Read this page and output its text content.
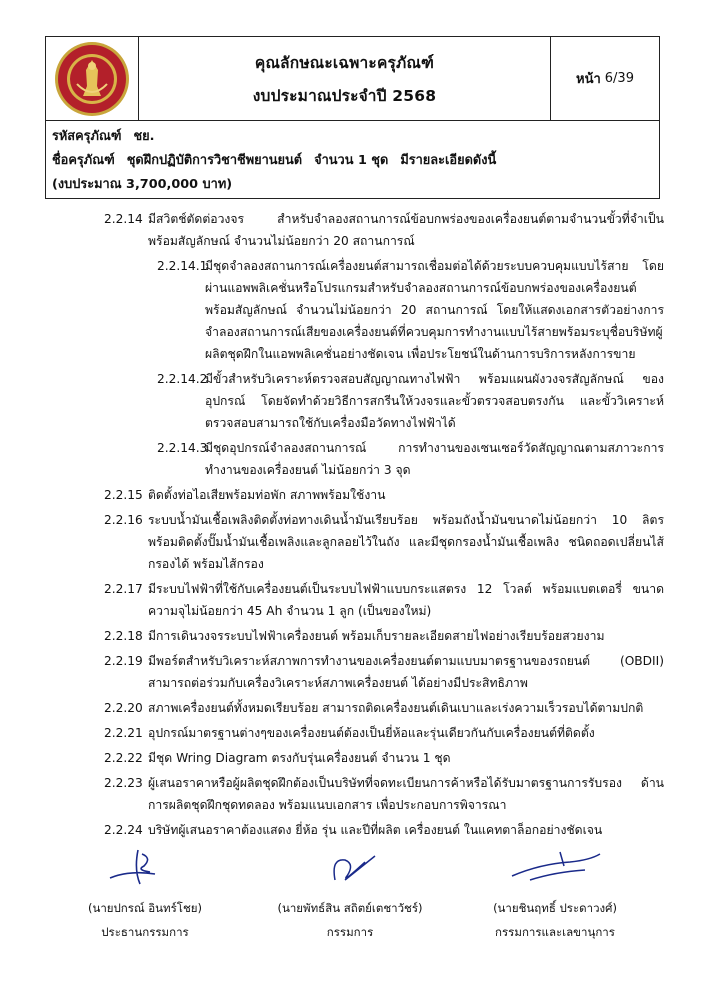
คุณลักษณะเฉพาะครุภัณฑ์
งบประมาณประจำปี 2568
หน้า 6/39
รหัสครุภัณฑ์ ชย.
ชื่อครุภัณฑ์ ชุดฝึกปฏิบัติการวิชาชีพยานยนต์ จำนวน 1 ชุด มีรายละเอียดดังนี้
(งบประมาณ 3,700,000 บาท)
2.2.14 มีสวิตช์ตัดต่อวงจร สำหรับจำลองสถานการณ์ข้อบกพร่องของเครื่องยนต์ตามจำนวนขั้วที่จำเป็น พร้อมสัญลักษณ์ จำนวนไม่น้อยกว่า 20 สถานการณ์
2.2.14.1
มีชุดจำลองสถานการณ์เครื่องยนต์สามารถเชื่อมต่อได้ด้วยระบบควบคุมแบบไร้สาย โดยผ่านแอพพลิเคชั่นหรือโปรแกรมสำหรับจำลองสถานการณ์ข้อบกพร่องของเครื่องยนต์ พร้อมสัญลักษณ์ จำนวนไม่น้อยกว่า 20 สถานการณ์ โดยให้แสดงเอกสารตัวอย่างการจำลองสถานการณ์เสียของเครื่องยนต์ที่ควบคุมการทำงานแบบไร้สายพร้อมระบุชื่อบริษัทผู้ผลิตชุดฝึกในแอพพลิเคชั่นอย่างชัดเจน เพื่อประโยชน์ในด้านการบริการหลังการขาย
2.2.14.2
มีขั้วสำหรับวิเคราะห์ตรวจสอบสัญญาณทางไฟฟ้า พร้อมแผนผังวงจรสัญลักษณ์ ของอุปกรณ์ โดยจัดทำด้วยวิธีการสกรีนให้วงจรและขั้วตรวจสอบตรงกัน และขั้ววิเคราะห์ตรวจสอบสามารถใช้กับเครื่องมือวัดทางไฟฟ้าได้
2.2.14.3
มีชุดอุปกรณ์จำลองสถานการณ์ การทำงานของเซนเซอร์วัดสัญญาณตามสภาวะการทำงานของเครื่องยนต์ ไม่น้อยกว่า 3 จุด
2.2.15 ติดตั้งท่อไอเสียพร้อมท่อพัก สภาพพร้อมใช้งาน
2.2.16 ระบบน้ำมันเชื้อเพลิงติดตั้งท่อทางเดินน้ำมันเรียบร้อย พร้อมถังน้ำมันขนาดไม่น้อยกว่า 10 ลิตร พร้อมติดตั้งปั๊มน้ำมันเชื้อเพลิงและลูกลอยไว้ในถัง และมีชุดกรองน้ำมันเชื้อเพลิง ชนิดถอดเปลี่ยนไส้กรองได้ พร้อมไส้กรอง
2.2.17 มีระบบไฟฟ้าที่ใช้กับเครื่องยนต์เป็นระบบไฟฟ้าแบบกระแสตรง 12 โวลต์ พร้อมแบตเตอรี่ ขนาดความจุไม่น้อยกว่า 45 Ah จำนวน 1 ลูก (เป็นของใหม่)
2.2.18 มีการเดินวงจรระบบไฟฟ้าเครื่องยนต์ พร้อมเก็บรายละเอียดสายไฟอย่างเรียบร้อยสวยงาม
2.2.19 มีพอร์ตสำหรับวิเคราะห์สภาพการทำงานของเครื่องยนต์ตามแบบมาตรฐานของรถยนต์ (OBDII) สามารถต่อร่วมกับเครื่องวิเคราะห์สภาพเครื่องยนต์ ได้อย่างมีประสิทธิภาพ
2.2.20 สภาพเครื่องยนต์ทั้งหมดเรียบร้อย สามารถติดเครื่องยนต์เดินเบาและเร่งความเร็วรอบได้ตามปกติ
2.2.21 อุปกรณ์มาตรฐานต่างๆของเครื่องยนต์ต้องเป็นยี่ห้อและรุ่นเดียวกันกับเครื่องยนต์ที่ติดตั้ง
2.2.22 มีชุด Wring Diagram ตรงกับรุ่นเครื่องยนต์ จำนวน 1 ชุด
2.2.23 ผู้เสนอราคาหรือผู้ผลิตชุดฝึกต้องเป็นบริษัทที่จดทะเบียนการค้าหรือได้รับมาตรฐานการรับรอง ด้านการผลิตชุดฝึกชุดทดลอง พร้อมแนบเอกสาร เพื่อประกอบการพิจารณา
2.2.24 บริษัทผู้เสนอราคาต้องแสดง ยี่ห้อ รุ่น และปีที่ผลิต เครื่องยนต์ ในแคทตาล็อกอย่างชัดเจน
(นายปกรณ์ อินทร์โชย)
ประธานกรรมการ
(นายพัทธ์สิน สถิตย์เตชาวัชร์)
กรรมการ
(นายชินฤทธิ์ ประดาวงศ์)
กรรมการและเลขานุการ
